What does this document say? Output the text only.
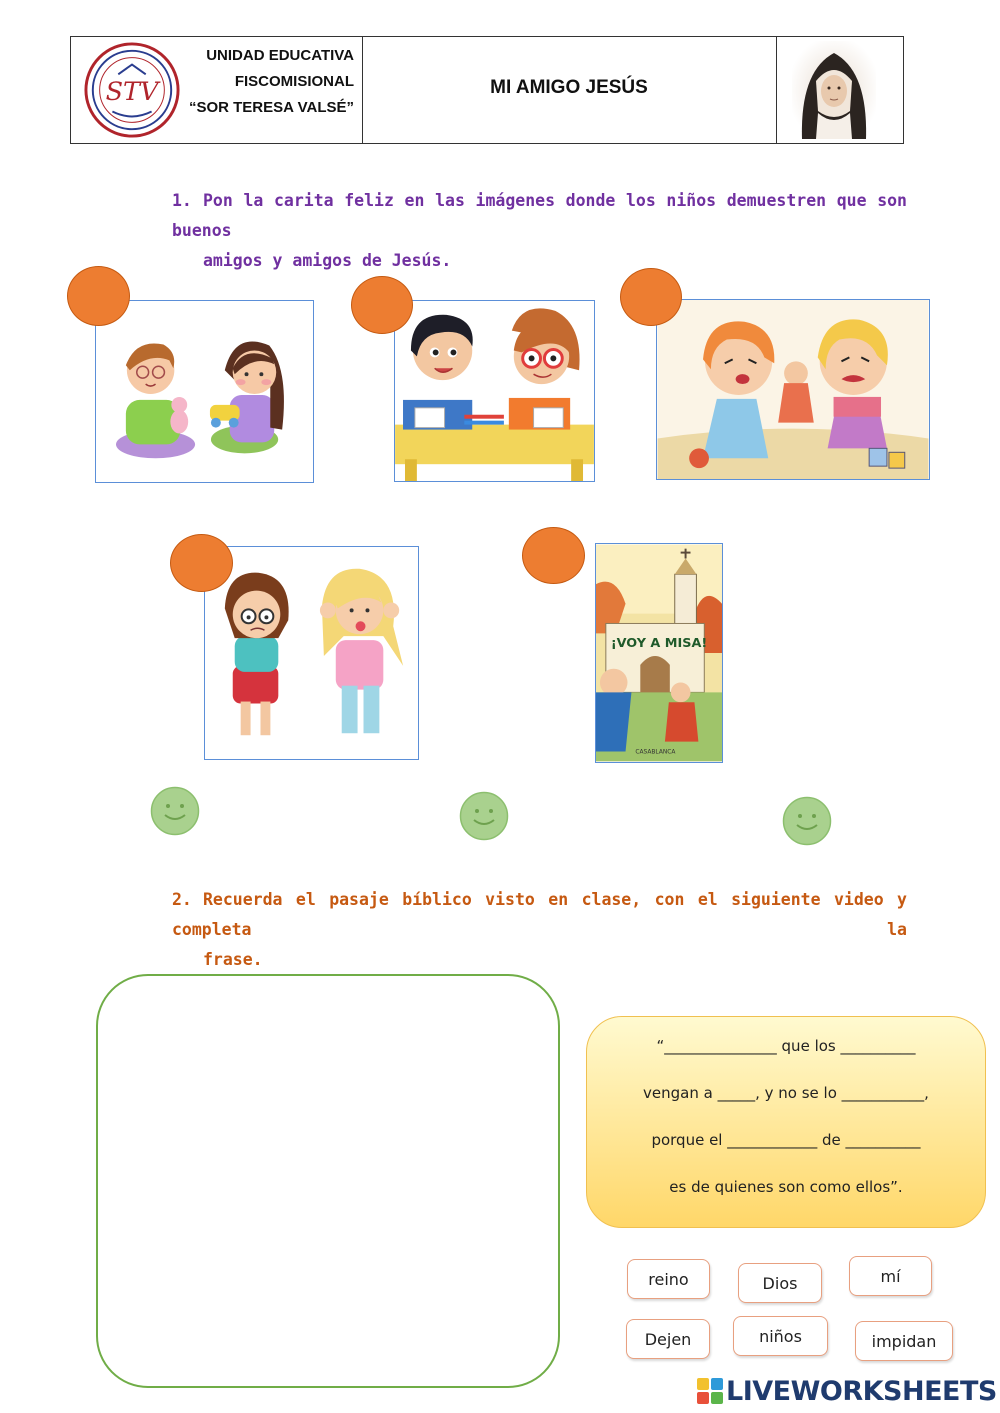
STV
UNIDAD EDUCATIVA
FISCOMISIONAL
“SOR TERESA VALSÉ”
MI AMIGO JESÚS
1. Pon la carita feliz en las imágenes donde los niños demuestren que son buenos
amigos y amigos de Jesús.
¡VOY A MISA!
CASABLANCA
2. Recuerda el pasaje bíblico visto en clase, con el siguiente video y completa la
frase.
“_______________ que los __________
vengan a _____, y no se lo ___________,
porque el ____________ de __________
es de quienes son como ellos”.
reino	Dios	mí
Dejen	niños	impidan
LIVEWORKSHEETS
